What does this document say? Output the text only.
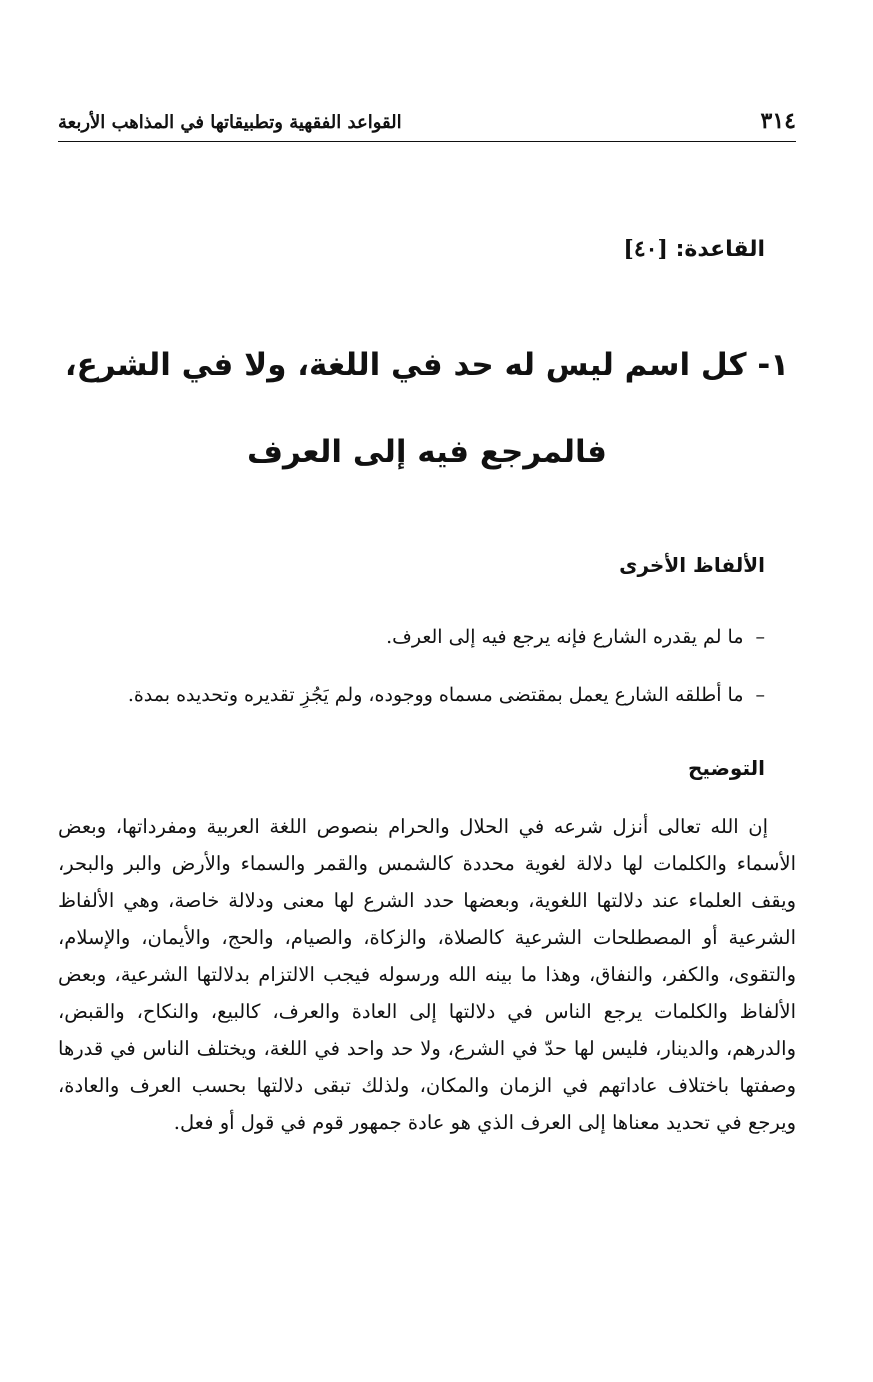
٣١٤
القواعد الفقهية وتطبيقاتها في المذاهب الأربعة
القاعدة: [٤٠]
١- كل اسم ليس له حد في اللغة، ولا في الشرع،
فالمرجع فيه إلى العرف
الألفاظ الأخرى
–ما لم يقدره الشارع فإنه يرجع فيه إلى العرف.
–ما أطلقه الشارع يعمل بمقتضى مسماه ووجوده، ولم يَجُزِ تقديره وتحديده بمدة.
التوضيح

إن الله تعالى أنزل شرعه في الحلال والحرام بنصوص اللغة العربية ومفرداتها، وبعض الأسماء والكلمات لها دلالة لغوية محددة كالشمس والقمر والسماء والأرض والبر والبحر، ويقف العلماء عند دلالتها اللغوية، وبعضها حدد الشرع لها معنى ودلالة خاصة، وهي الألفاظ الشرعية أو المصطلحات الشرعية كالصلاة، والزكاة، والصيام، والحج، والأيمان، والإسلام، والتقوى، والكفر، والنفاق، وهذا ما بينه الله ورسوله فيجب الالتزام بدلالتها الشرعية، وبعض الألفاظ والكلمات يرجع الناس في دلالتها إلى العادة والعرف، كالبيع، والنكاح، والقبض، والدرهم، والدينار، فليس لها حدّ في الشرع، ولا حد واحد في اللغة، ويختلف الناس في قدرها وصفتها باختلاف عاداتهم في الزمان والمكان، ولذلك تبقى دلالتها بحسب العرف والعادة، ويرجع في تحديد معناها إلى العرف الذي هو عادة جمهور قوم في قول أو فعل.
